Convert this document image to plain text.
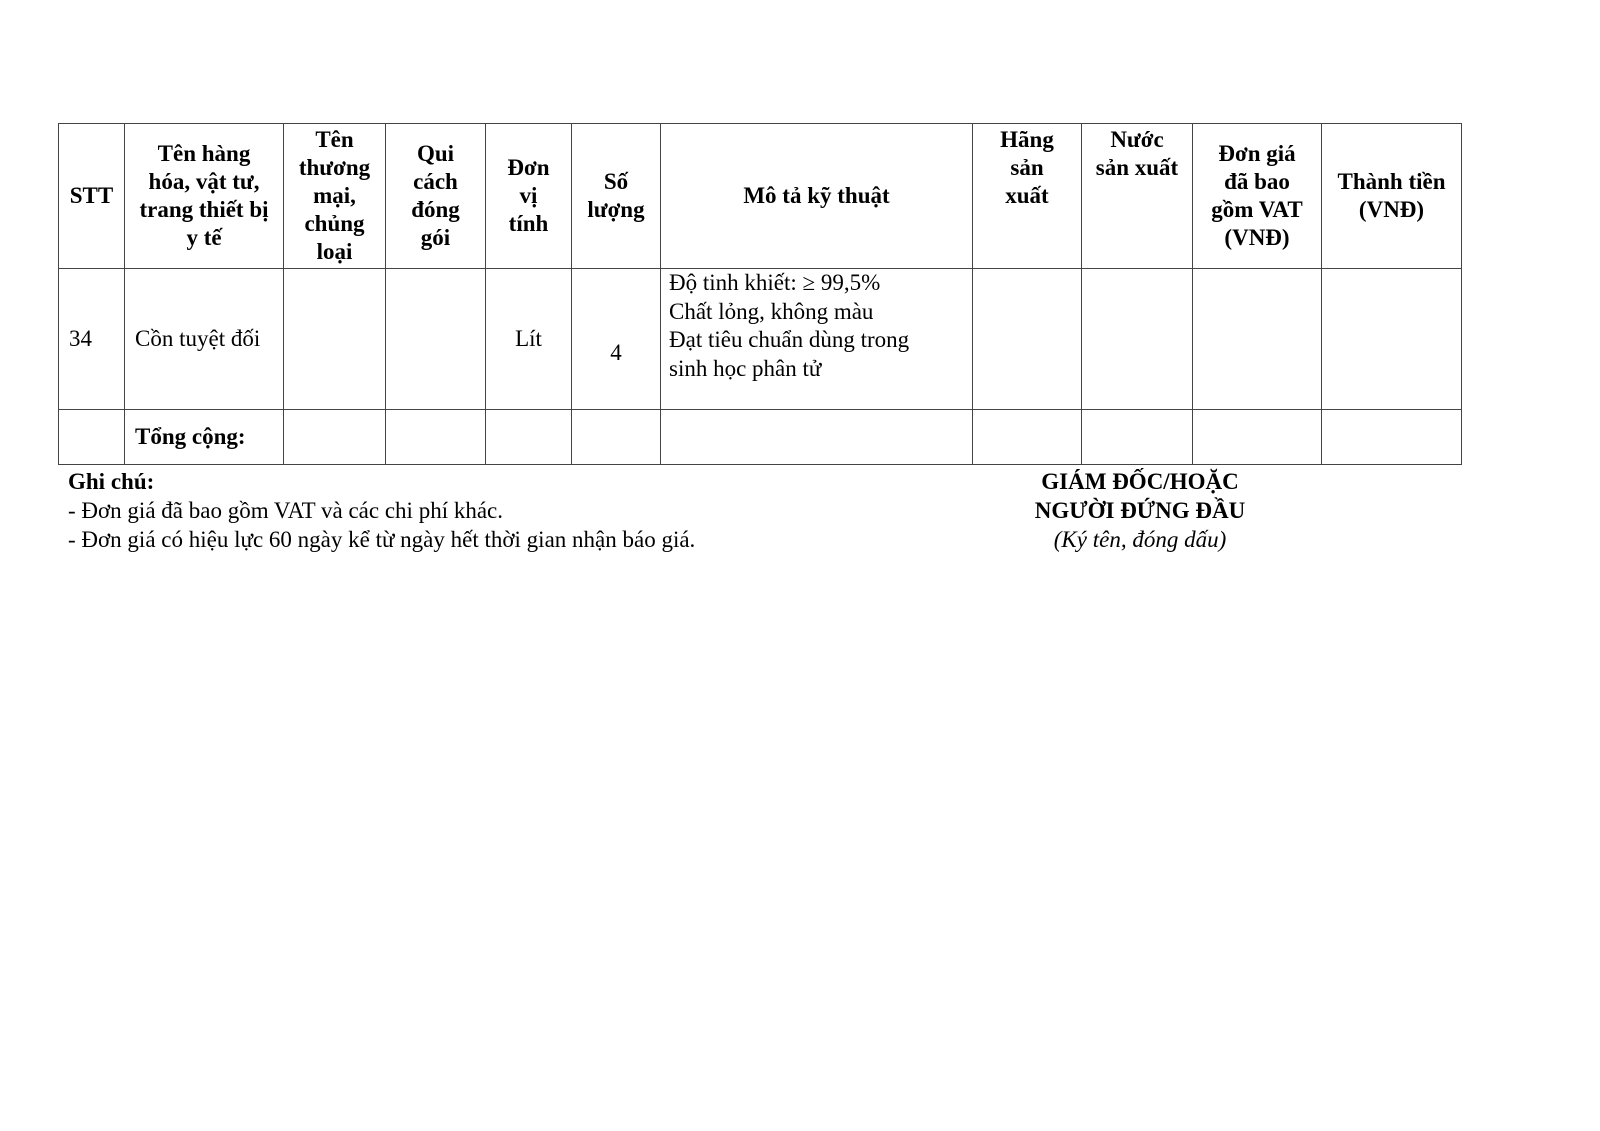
STT	Tên hàng
hóa, vật tư,
trang thiết bị
y tế	Tên
thương
mại,
chủng
loại	Qui
cách
đóng
gói	Đơn
vị
tính	Số
lượng	Mô tả kỹ thuật	Hãng
sản
xuất	Nước
sản xuất	Đơn giá
đã bao
gồm VAT
(VNĐ)	Thành tiền
(VNĐ)

34	Cồn tuyệt đối			Lít	4	Độ tinh khiết: ≥ 99,5%
Chất lỏng, không màu
Đạt tiêu chuẩn dùng trong
sinh học phân tử				

	Tổng cộng:									
Ghi chú:
- Đơn giá đã bao gồm VAT và các chi phí khác.
- Đơn giá có hiệu lực 60 ngày kể từ ngày hết thời gian nhận báo giá.
GIÁM ĐỐC/HOẶC
NGƯỜI ĐỨNG ĐẦU
(Ký tên, đóng dấu)
